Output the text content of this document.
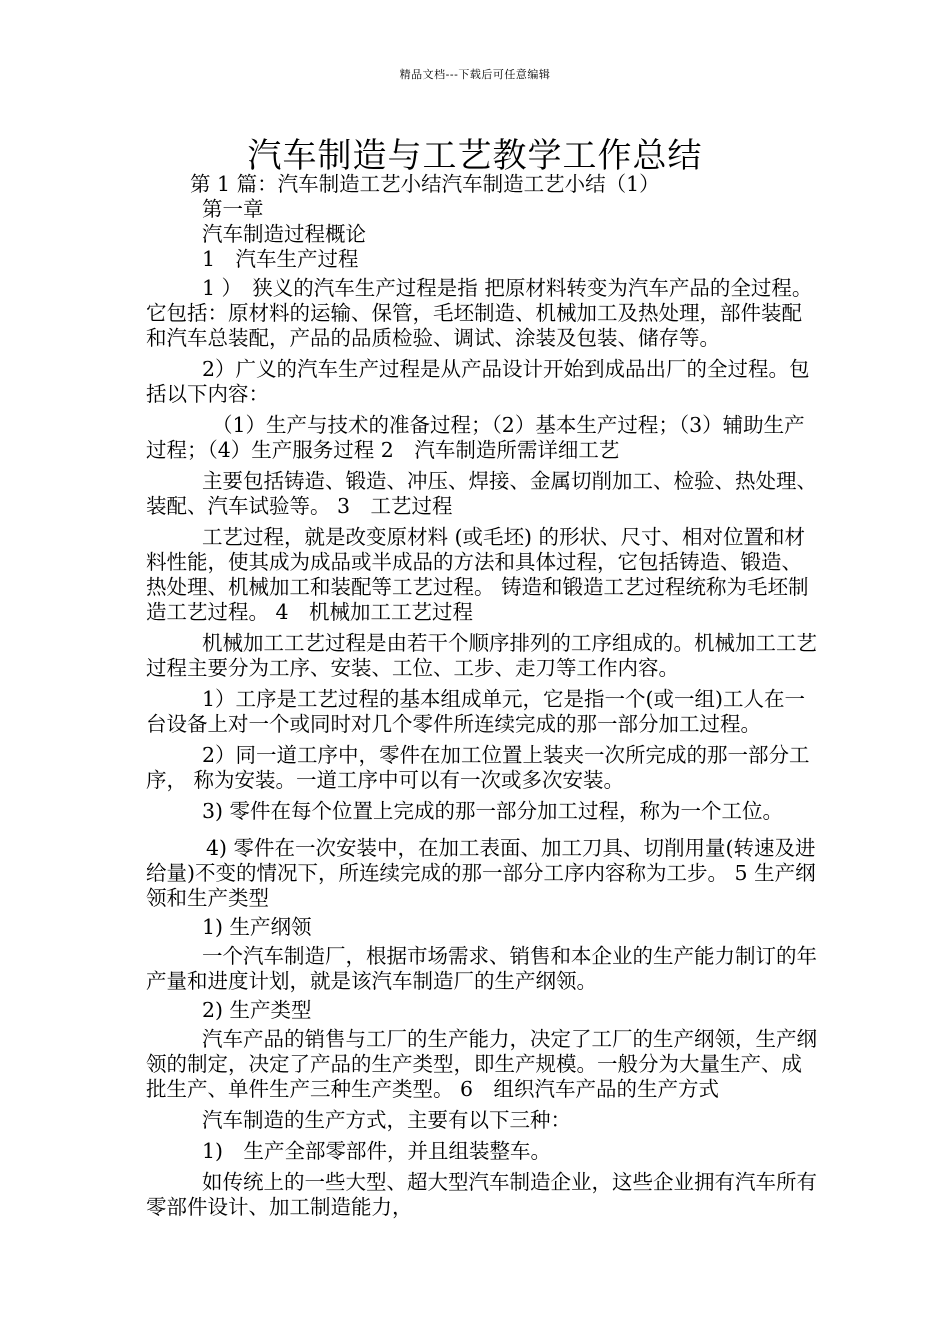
精品文档---下载后可任意编辑
汽车制造与工艺教学工作总结

第 1 篇：汽车制造工艺小结汽车制造工艺小结（1）

第一章

汽车制造过程概论

1　汽车生产过程

1 ）　狭义的汽车生产过程是指 把原材料转变为汽车产品的全过程。它包括：原材料的运输、保管，毛坯制造、机械加工及热处理，部件装配和汽车总装配，产品的品质检验、调试、涂装及包装、储存等。

2）广义的汽车生产过程是从产品设计开始到成品出厂的全过程。包括以下内容：

（1）生产与技术的准备过程；（2）基本生产过程；（3）辅助生产过程；（4）生产服务过程 2　汽车制造所需详细工艺

主要包括铸造、锻造、冲压、焊接、金属切削加工、检验、热处理、装配、汽车试验等。 3　工艺过程

工艺过程，就是改变原材料 (或毛坯) 的形状、尺寸、相对位置和材料性能，使其成为成品或半成品的方法和具体过程，它包括铸造、锻造、热处理、机械加工和装配等工艺过程。 铸造和锻造工艺过程统称为毛坯制造工艺过程。 4　机械加工工艺过程

机械加工工艺过程是由若干个顺序排列的工序组成的。机械加工工艺过程主要分为工序、安装、工位、工步、走刀等工作内容。

1）工序是工艺过程的基本组成单元，它是指一个(或一组)工人在一台设备上对一个或同时对几个零件所连续完成的那一部分加工过程。

2）同一道工序中，零件在加工位置上装夹一次所完成的那一部分工序， 称为安装。一道工序中可以有一次或多次安装。

3) 零件在每个位置上完成的那一部分加工过程，称为一个工位。

4) 零件在一次安装中，在加工表面、加工刀具、切削用量(转速及进给量)不变的情况下，所连续完成的那一部分工序内容称为工步。 5 生产纲领和生产类型

1) 生产纲领

一个汽车制造厂，根据市场需求、销售和本企业的生产能力制订的年产量和进度计划，就是该汽车制造厂的生产纲领。

2) 生产类型

汽车产品的销售与工厂的生产能力，决定了工厂的生产纲领，生产纲领的制定，决定了产品的生产类型，即生产规模。一般分为大量生产、成批生产、单件生产三种生产类型。 6　组织汽车产品的生产方式

汽车制造的生产方式，主要有以下三种：

1)　生产全部零部件，并且组装整车。

如传统上的一些大型、超大型汽车制造企业，这些企业拥有汽车所有零部件设计、加工制造能力，
